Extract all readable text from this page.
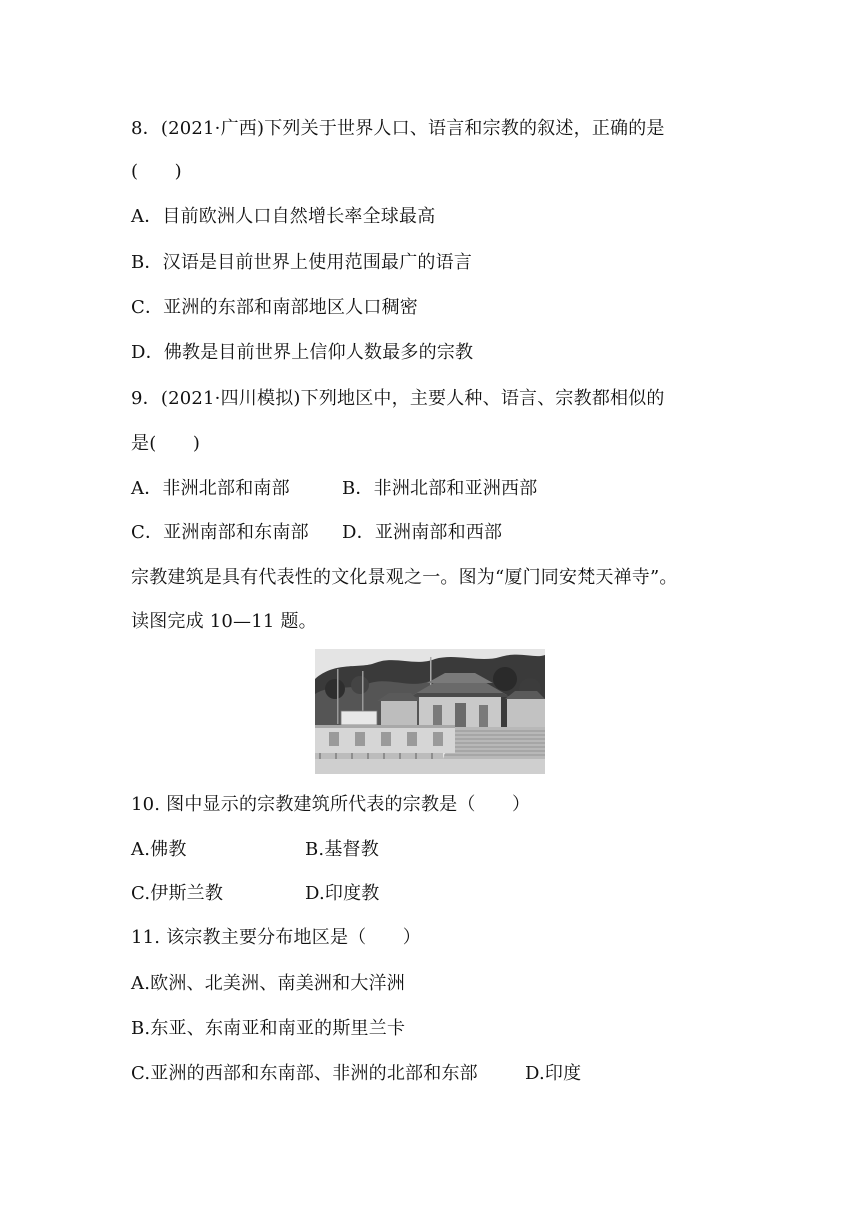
8．(2021·广西)下列关于世界人口、语言和宗教的叙述，正确的是

(　　)

A．目前欧洲人口自然增长率全球最高

B．汉语是目前世界上使用范围最广的语言

C．亚洲的东部和南部地区人口稠密

D．佛教是目前世界上信仰人数最多的宗教

9．(2021·四川模拟)下列地区中，主要人种、语言、宗教都相似的

是(　　)

A．非洲北部和南部	B．非洲北部和亚洲西部

C．亚洲南部和东南部 D．亚洲南部和西部

宗教建筑是具有代表性的文化景观之一。图为“厦门同安梵天禅寺”。

读图完成 10—11 题。

10. 图中显示的宗教建筑所代表的宗教是（　　）

A.佛教	B.基督教

C.伊斯兰教	D.印度教

11. 该宗教主要分布地区是（　　）

A.欧洲、北美洲、南美洲和大洋洲

B.东亚、东南亚和南亚的斯里兰卡

C.亚洲的西部和东南部、非洲的北部和东部	D.印度
